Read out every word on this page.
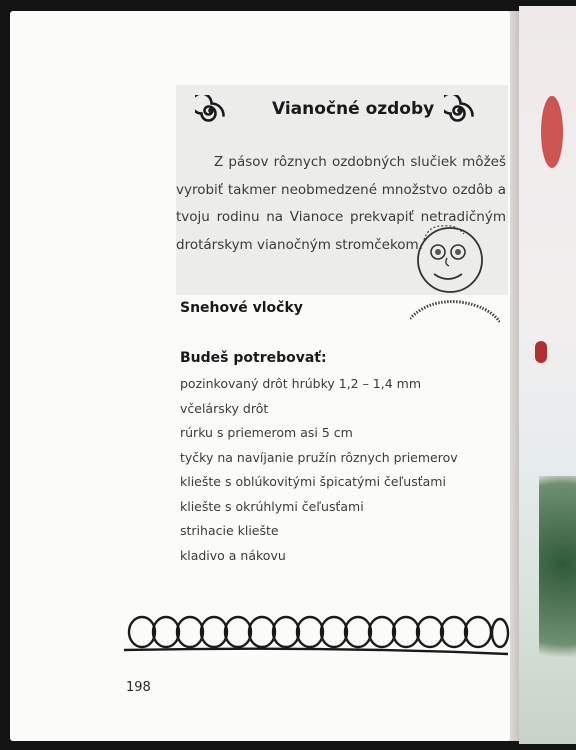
Vianočné ozdoby

Z pásov rôznych ozdobných slučiek môžeš vyrobiť takmer neobmedzené množstvo ozdôb a tvoju rodinu na Vianoce prekvapiť netradičným drotárskym vianočným stromčekom.

Snehové vločky
Budeš potrebovať:
pozinkovaný drôt hrúbky 1,2 – 1,4 mm
včelársky drôt
rúrku s priemerom asi 5 cm
tyčky na navíjanie pružín rôznych priemerov
kliešte s oblúkovitými špicatými čeľusťami
kliešte s okrúhlymi čeľusťami
strihacie kliešte
kladivo a nákovu
198
